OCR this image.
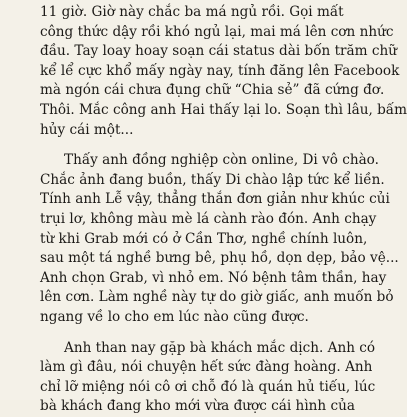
11 giờ. Giờ này chắc ba má ngủ rồi. Gọi mất
công thức dậy rồi khó ngủ lại, mai má lên cơn nhức
đầu. Tay loay hoay soạn cái status dài bốn trăm chữ
kể lể cực khổ mấy ngày nay, tính đăng lên Facebook
mà ngón cái chưa đụng chữ “Chia sẻ” đã cứng đơ.
Thôi. Mắc công anh Hai thấy lại lo. Soạn thì lâu, bấm
hủy cái một...
Thấy anh đồng nghiệp còn online, Di vô chào.
Chắc ảnh đang buồn, thấy Di chào lập tức kể liền.
Tính anh Lễ vậy, thẳng thắn đơn giản như khúc củi
trụi lơ, không màu mè lá cành rào đón. Anh chạy
từ khi Grab mới có ở Cần Thơ, nghề chính luôn,
sau một tá nghề bưng bê, phụ hồ, dọn dẹp, bảo vệ...
Anh chọn Grab, vì nhỏ em. Nó bệnh tâm thần, hay
lên cơn. Làm nghề này tự do giờ giấc, anh muốn bỏ
ngang về lo cho em lúc nào cũng được.
Anh than nay gặp bà khách mắc dịch. Anh có
làm gì đâu, nói chuyện hết sức đàng hoàng. Anh
chỉ lỡ miệng nói cô ơi chỗ đó là quán hủ tiếu, lúc
bà khách đang kho mới vừa được cái hình của
